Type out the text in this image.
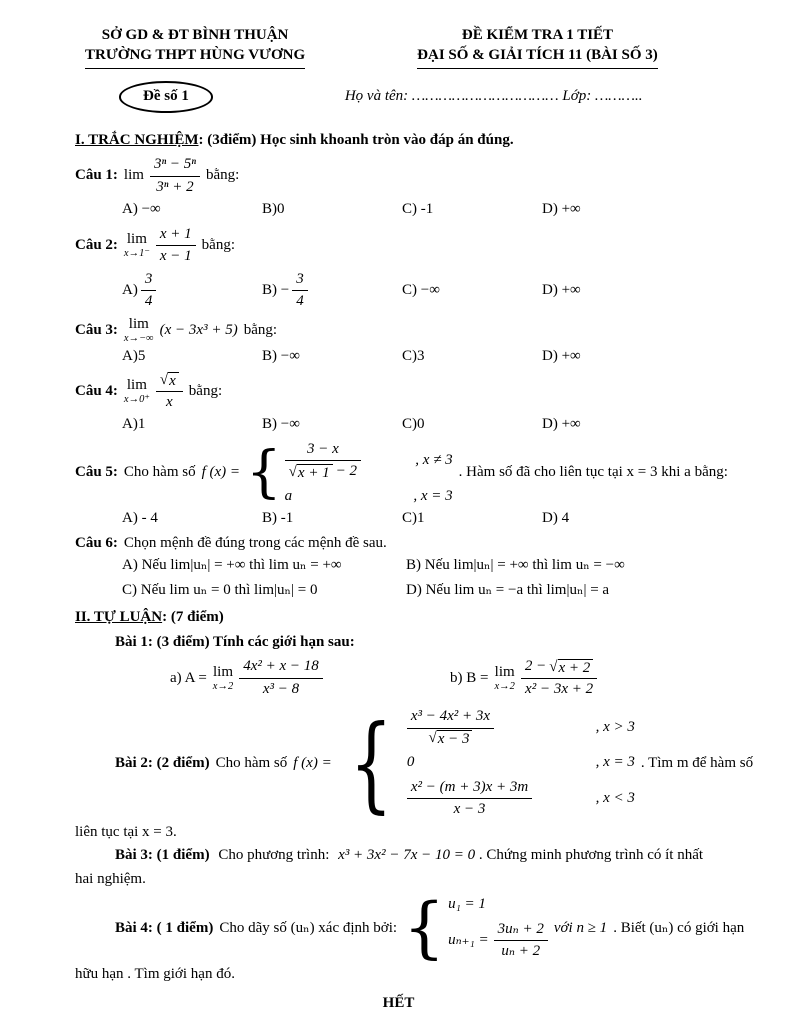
SỞ GD & ĐT BÌNH THUẬN
TRƯỜNG THPT HÙNG VƯƠNG
ĐỀ KIỂM TRA 1 TIẾT
ĐẠI SỐ & GIẢI TÍCH 11 (BÀI SỐ 3)
Đề số 1	Họ và tên: …………………………… Lớp: ………..
I. TRẮC NGHIỆM: (3điểm) Học sinh khoanh tròn vào đáp án đúng.
Câu 1: $\lim \frac{\text{3ⁿ − 5ⁿ}}{\text{3ⁿ + 2}}$ bằng:
A) −∞	B)0	C) -1	D) +∞
Câu 2: lim
$x\to 1^- \frac{x + 1}{x - 1}$ bằng:
$A) \frac{3}{4}$	$B) - \frac{3}{4}$	C) −∞	D) +∞
Câu 3: lim
x→−∞
(x − 3x³ + 5) bằng:
A)5	B) −∞	C)3	D) +∞
Câu 4: lim
$x\to 0^+ \frac{√ x}{x}$ bằng:
A)1	B) −∞	C)0	D) +∞
Câu 5: Cho hàm số f (x) = { $\frac{3 - x}{√ x + 1 - 2}$	, x ≠ 3
a	, x = 3
. Hàm số đã cho liên tục tại x = 3 khi a bằng:
A) - 4	B) -1	C)1	D) 4
Câu 6: Chọn mệnh đề đúng trong các mệnh đề sau.
A) Nếu lim|uₙ| = +∞ thì lim uₙ = +∞	B) Nếu lim|uₙ| = +∞ thì lim uₙ = −∞
C) Nếu lim uₙ = 0 thì lim|uₙ| = 0	D) Nếu lim uₙ = −a thì lim|uₙ| = a
II. TỰ LUẬN: (7 điểm)
Bài 1: (3 điểm) Tính các giới hạn sau:
a) A = lim
$x\to 2 \frac{\text{4x² + x − 18}}{\text{x³ − 8}}$	b) B = lim
$x\to 2 \frac{2 - √ x + 2}{\text{x² − 3x + 2}}$
Bài 2: (2 điểm) Cho hàm số f (x) = { $\frac{\text{x³ − 4x² + 3x}}{√ x - 3}$	, x > 3
0	, x = 3
$\frac{\text{x² − (m + 3)x + 3m}}{x - 3}$	, x < 3
. Tìm m để hàm số
liên tục tại x = 3.
Bài 3: (1 điểm) Cho phương trình: x³ + 3x² − 7x − 10 = 0 . Chứng minh phương trình có ít nhất
hai nghiệm.
Bài 4: ( 1 điểm) Cho dãy số (uₙ) xác định bởi: { u₁ = 1
$u_{n+1} = \frac{\text{3uₙ + 2}}{\text{uₙ + 2}}$ với n ≥ 1 . Biết (uₙ) có giới hạn
hữu hạn . Tìm giới hạn đó.
HẾT
